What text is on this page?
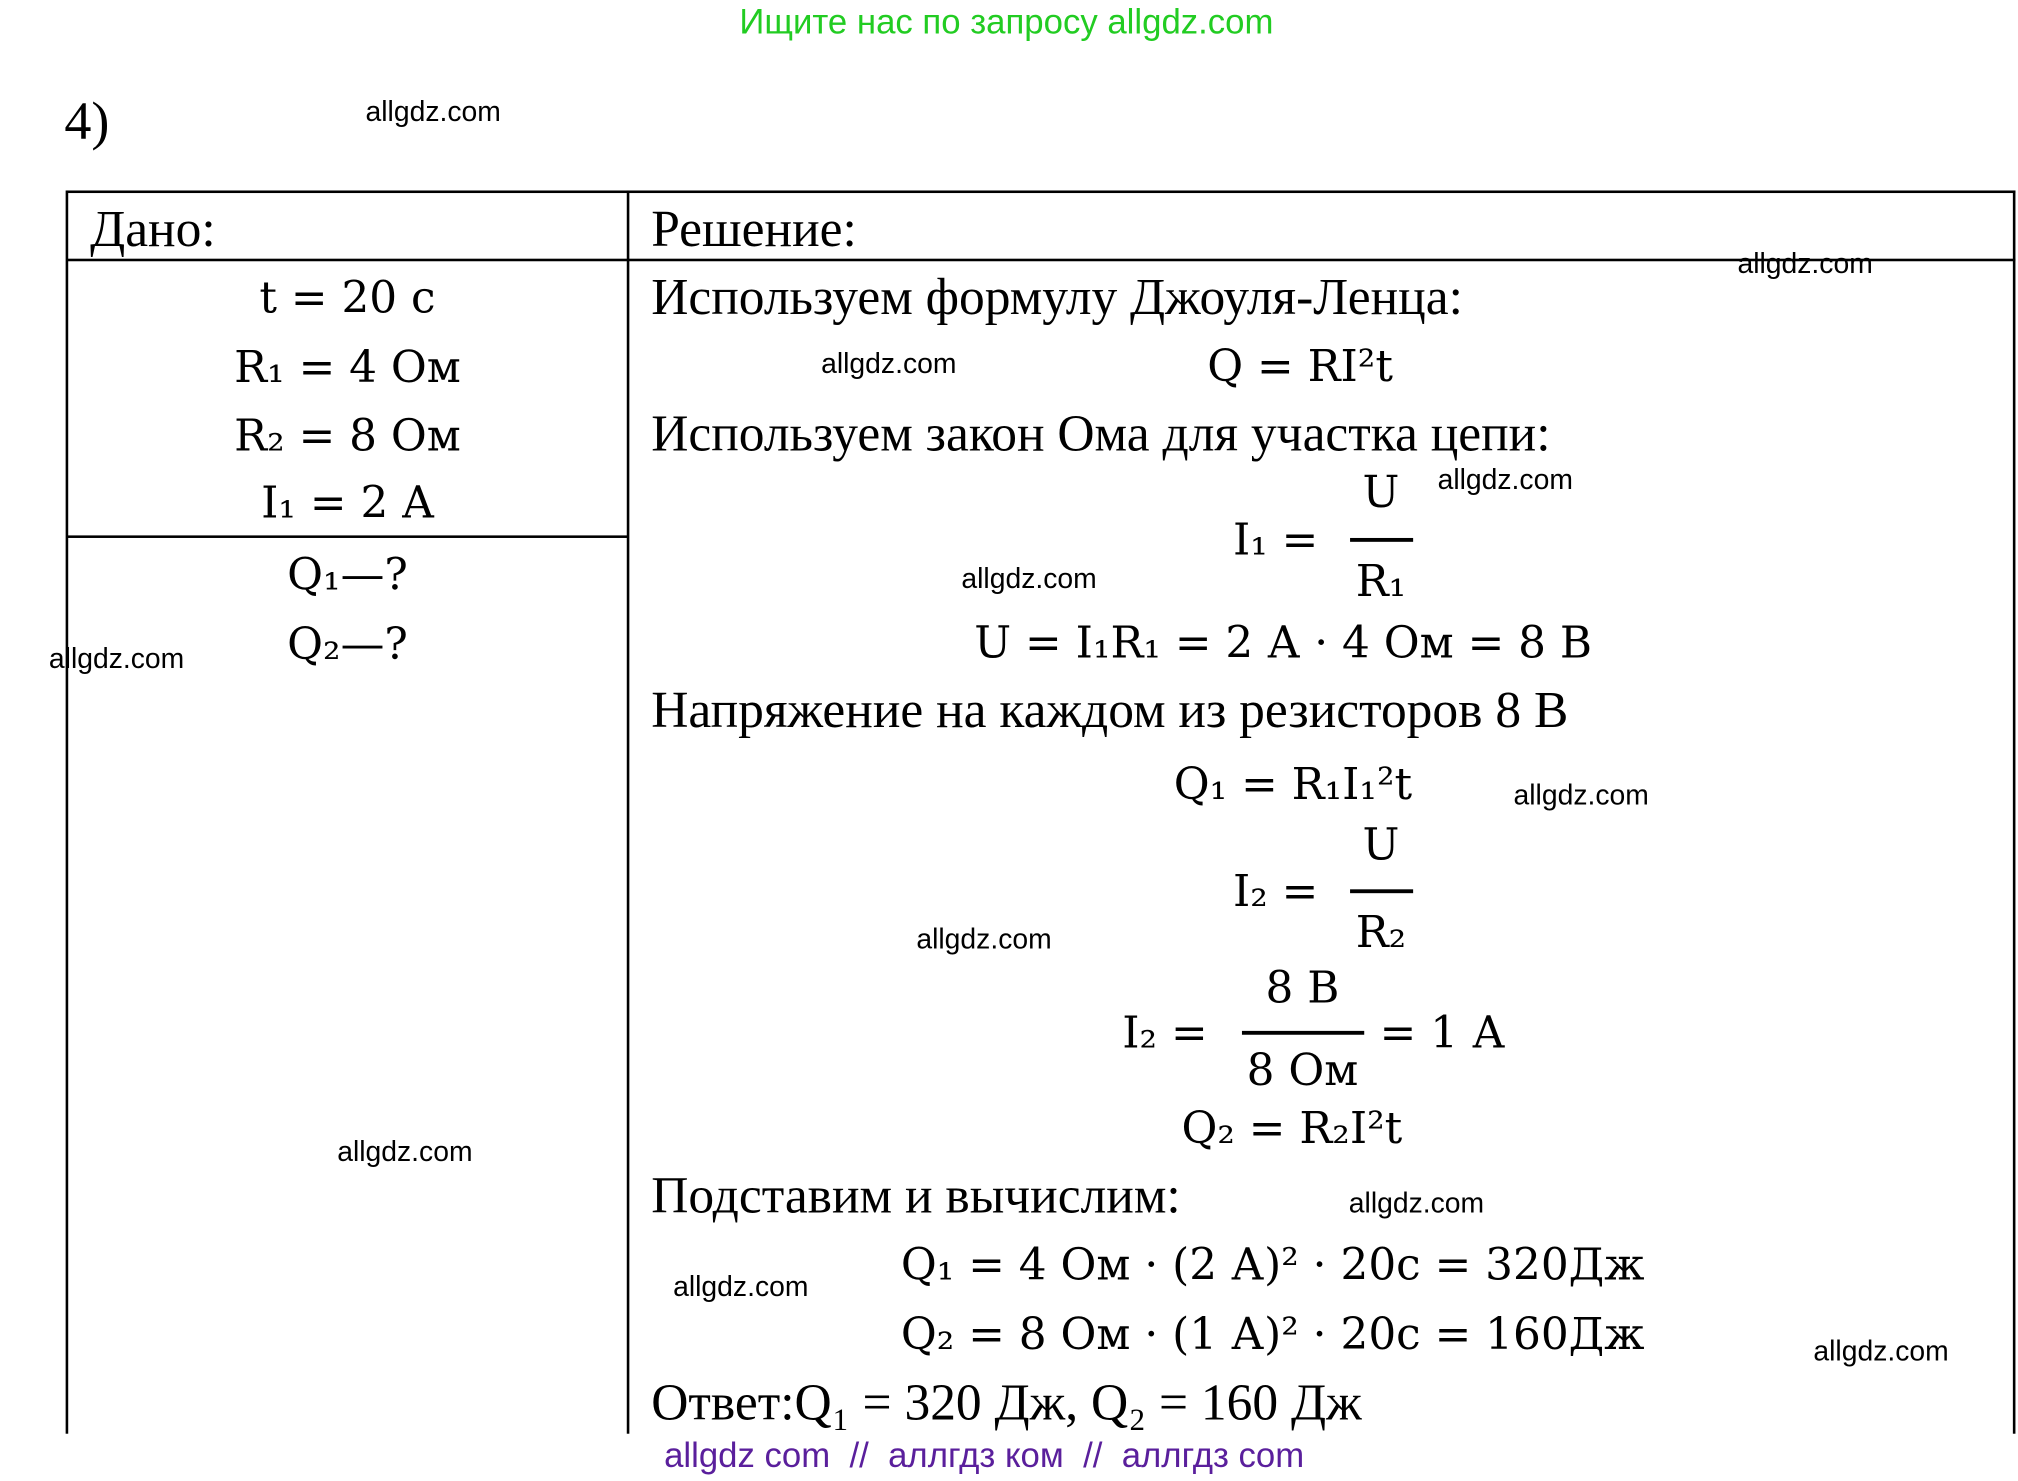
Ищите нас по запросу allgdz.com
4)
Дано:	Решение:
t = 20 с
R₁ = 4 Ом
R₂ = 8 Ом
I₁ = 2 A
Q₁—?
Q₂—?
Используем формулу Джоуля-Ленца:
Q = RI²t
Используем закон Ома для участка цепи:
I₁ =
U
R₁
U = I₁R₁ = 2 А · 4 Ом = 8 В
Напряжение на каждом из резисторов 8 В
Q₁ = R₁I₁²t
I₂ =
U
R₂
I₂ =
8 В
8 Ом
= 1 А
Q₂ = R₂I²t
Подставим и вычислим:
Q₁ = 4 Ом · (2 А)² · 20с = 320Дж
Q₂ = 8 Ом · (1 А)² · 20с = 160Дж
Ответ:Q₁ = 320 Дж, Q₂ = 160 Дж
allgdz com  //  аллгдз ком  //  аллгдз com
allgdz.com
allgdz.com
allgdz.com
allgdz.com
allgdz.com
allgdz.com
allgdz.com
allgdz.com
allgdz.com
allgdz.com
allgdz.com
allgdz.com
